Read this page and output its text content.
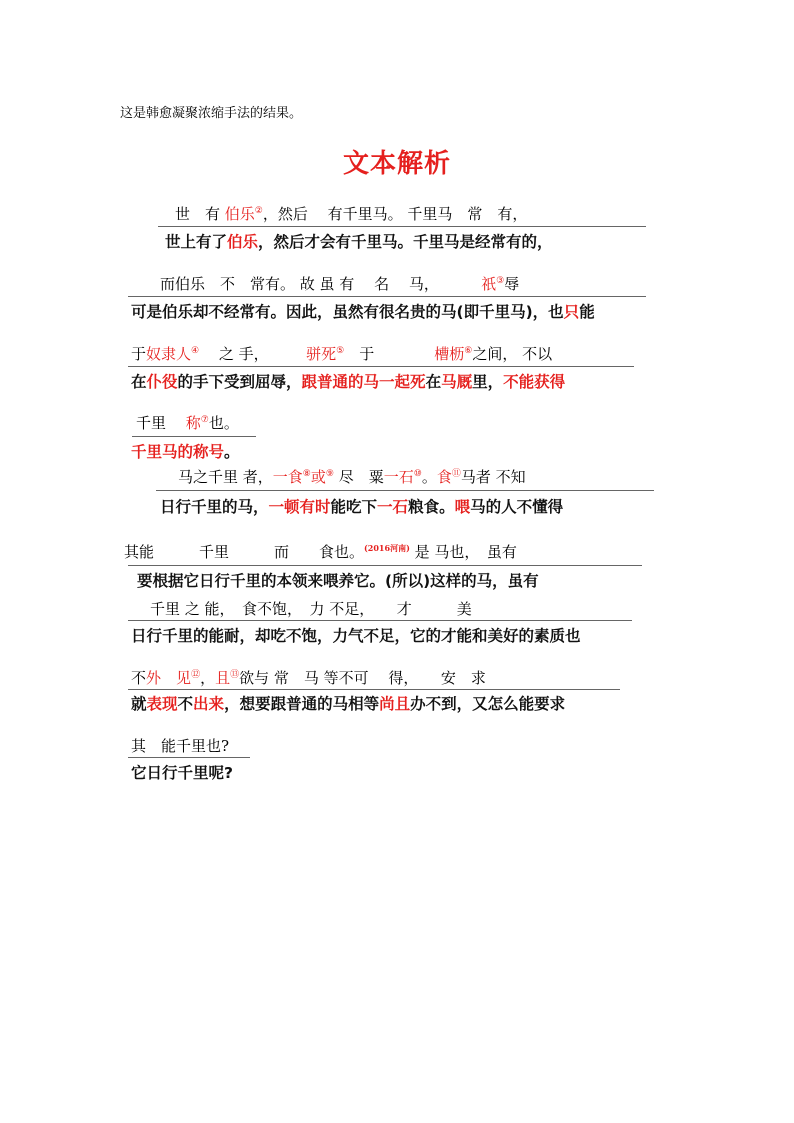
这是韩愈凝聚浓缩手法的结果。
文本解析
世　有 伯乐②，然后　 有千里马。 千里马　常　有，
世上有了伯乐，然后才会有千里马。千里马是经常有的，
而伯乐　不　常有。 故 虽 有 　名 　马，　 　　祇③辱
可是伯乐却不经常有。因此，虽然有很名贵的马(即千里马)，也只能
于奴隶人④　 之 手，　　　骈死⑤　于　　　　槽枥⑥之间， 不以
在仆役的手下受到屈辱，跟普通的马一起死在马厩里，不能获得
千里 　称⑦也。
千里马的称号。
马之千里 者，一食⑧或⑨ 尽　粟一石⑩。食⑪马者 不知
日行千里的马，一顿有时能吃下一石粮食。喂马的人不懂得
其能　　　千里　　　而　　食也。$^{(2016河南)}$ 是 马也，　虽有
要根据它日行千里的本领来喂养它。(所以)这样的马，虽有
千里 之 能，　食不饱，　力 不足，　　才　　　美
日行千里的能耐，却吃不饱，力气不足，它的才能和美好的素质也
不外　 见⑫，且⑬欲与 常　马 等不可　 得，　　安　求
就表现不出来，想要跟普通的马相等尚且办不到，又怎么能要求
其　能千里也?
它日行千里呢?
